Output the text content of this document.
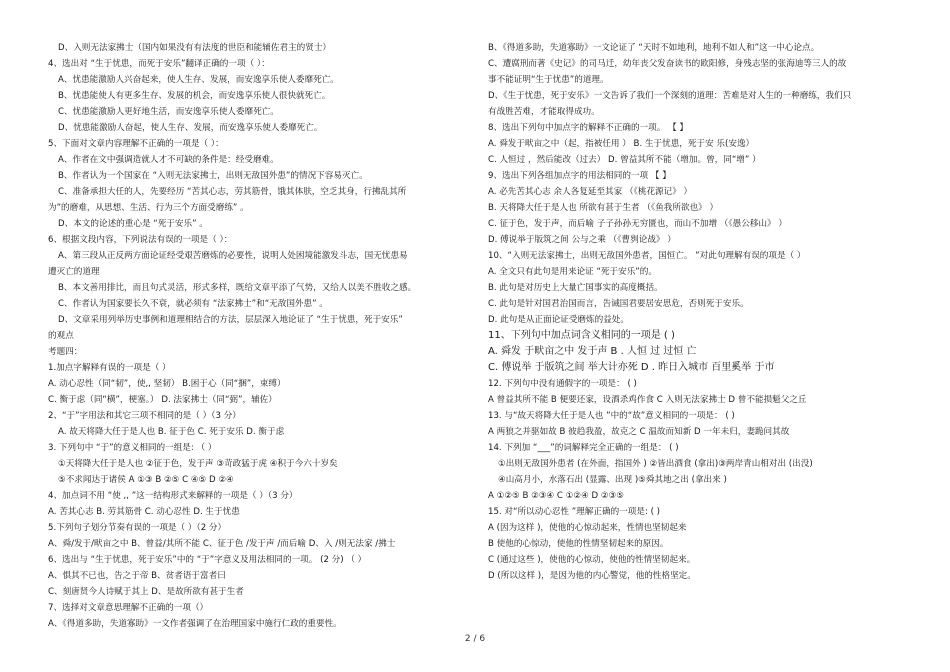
D、入则无法家拂士（国内如果没有有法度的世臣和能辅佐君主的贤士）
4、选出对 “生于忧患，而死于安乐”翻译正确的一项（ ）：
A、忧患能激励人兴奋起来，使人生存、发展，而安逸享乐使人委靡死亡。
B、忧患能使人有更多生存、发展的机会，而安逸享乐使人很快就死亡。
C、忧患能激励人更好地生活，而安逸享乐使人委靡死亡。
D、忧患能激励人奋起，使人生存、发展，而安逸享乐使人委靡死亡。
5、下面对文章内容理解不正确的一项是（ ）：
A、作者在文中强调造就人才不可缺的条件是：经受磨难。
B、作者认为一个国家在 “入则无法家拂士，出则无敌国外患”的情况下容易灭亡。
C、准备承担大任的人，先要经历 “苦其心志，劳其筋骨，饿其体肤，空乏其身，行拂乱其所
为”的磨难，从思想、生活、行为三个方面受磨练” 。
D、本文的论述的重心是 “死于安乐” 。
6、根据文段内容，下列说法有误的一项是（ ）：
A、第三段从正反两方面论证经受艰苦磨炼的必要性，说明人处困境能激发斗志，国无忧患易
遭灭亡的道理
B、本文善用排比，而且句式灵活，形式多样，既给文章平添了气势，又给人以美不胜收之感。
C、作者认为国家要长久不衰，就必须有 “法家拂士”和“无敌国外患” 。
D、文章采用列举历史事例和道理相结合的方法，层层深入地论证了 “生于忧患，死于安乐”
的观点
考题四：
1.加点字解释有误的一项是（ ）
A. 动心忍性（同“韧”，使,, 坚韧） B.困于心（同“捆”，束缚）
C. 衡于虑（同“横”，梗塞。） D. 法家拂士（同“弼”，辅佐）
2、“于”字用法和其它三项不相同的是（ ）（3 分）
A. 故天将降大任于是人也 B. 征于色 C. 死于安乐 D. 衡于虑
3. 下列句中 “于”的意义相同的一组是: （ ）
①天将降大任于是人也 ②征于色，发于声 ③苛政猛于虎 ④积于今六十岁矣
⑤不求闻达于诸侯 A ①③ B ②⑤ C ④⑤ D ②④
4、加点词不用 “使 ,, ”这一结构形式来解释的一项是（ ）（3 分）
A. 苦其心志 B. 劳其筋骨 C. 动心忍性 D. 生于忧患
5.下列句子划分节奏有误的一项是（ ）（2 分）
A、舜/发于/畎亩之中 B、曾益/其所不能 C、征于色 /发于声 /而后喻 D、入 /则无法家 /拂士
6、选出与 “生于忧患，死于安乐”中的 “于”字意义及用法相同的一项。 (2 分) （ ）
A、惧其不已也，告之于帝 B、贫者语于富者曰
C、刻唐贤今人诗赋于其上 D、是故所欲有甚于生者
7、选择对文章意思理解不正确的一项（）
A、《得道多助，失道寡助》一文作者强调了在治理国家中施行仁政的重要性。
B、《得道多助，失道寡助》一文论证了 “天时不如地利，地利不如人和”这一中心论点。
C、遭腐刑而著《史记》的司马迁，幼年丧父发奋读书的欧阳修，身残志坚的张海迪等三人的故
事不能证明“生于忧患”的道理。
D、《生于忧患，死于安乐》一文告诉了我们一个深刻的道理：苦难是对人生的一种磨练，我们只
有战胜苦难，才能取得成功。
8、选出下列句中加点字的解释不正确的一项。 【 】
A. 舜发于畎亩之中（起，指被任用 ） B. 生于忧患，死于安 乐(安逸）
C. 人恒过 ，然后能改（过去） D. 曾益其所不能（增加。曾，同“增” ）
9、选出下列各组加点字的用法相同的一项 【 】
A. 必先苦其心志 余人各复延至其家 （《桃花源记》 ）
B. 天将降大任于是人也 所欲有甚于生者 （《鱼我所欲也》 ）
C. 征于色，发于声，而后喻 子子孙孙无穷匮也，而山不加增 （《愚公移山》 ）
D. 傅说举于版筑之间 公与之乘 （《曹刿论战》 ）
10、“入则无法家拂士，出则无敌国外患者，国恒亡。 ”对此句理解有误的项是（ ）
A. 全文只有此句是用来论证 “死于安乐”的。
B. 此句是对历史上大量亡国事实的高度概括。
C. 此句是针对国君治国而言，告诫国君要居安思危，否则死于安乐。
D. 此句是从正面论证受磨炼的益处。
11、下列句中加点词含义相同的一项是 ( )
A. 舜发 于畎亩之中 发于声 B . 人恒 过 过恒 亡
C. 傅说举 于版筑之间 举大计亦死 D . 昨日入城市 百里奚举 于市
12. 下列句中没有通假字的一项是： ( )
A 曾益其所不能 B 便要还家，设酒杀鸡作食 C 入则无法家拂士 D 曾不能损魁父之丘
13. 与“故天将降大任于是人也 ”中的“故”意义相同的一项是： ( )
A 两狼之并驱如故 B 彼趋我盈，故克之 C 温故而知新 D 一年未归，妻跪问其故
14. 下列加 “___”的词解释完全正确的一组是： ( )
①出则无敌国外患者 (在外面，指国外 ) ②皆出酒食 (拿出)③两岸青山相对出 (出没)
④山高月小，水落石出 (显露、出现 )⑤舜其地之出 (拿出来 )
A ①②⑤ B ②③④ C ①②④ D ②③⑤
15. 对“所以动心忍性 ”理解正确的一项是: ( )
A (因为这样 )，使他的心惊动起来，性情也坚韧起来
B 使他的心惊动，使他的性情坚韧起来的原因。
C (通过这些 )，使他的心惊动，使他的性情坚韧起来。
D (所以这样 )，是因为他的内心警觉，他的性格坚定。
2 / 6
